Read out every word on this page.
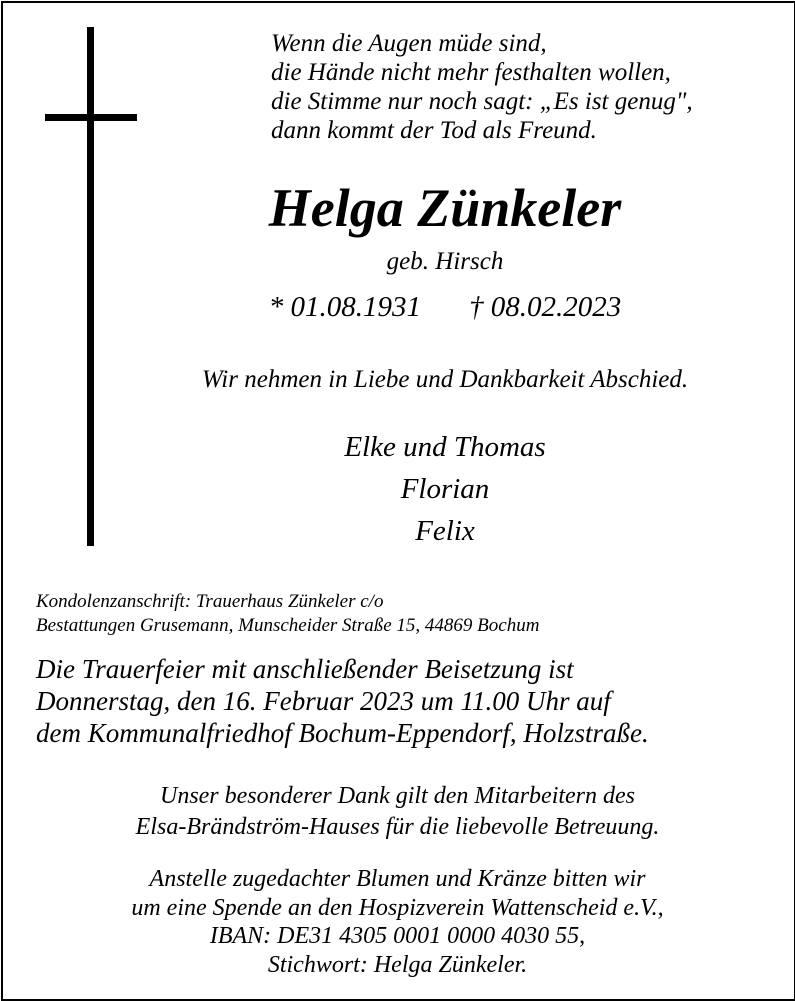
Wenn die Augen müde sind,
die Hände nicht mehr festhalten wollen,
die Stimme nur noch sagt: „Es ist genug",
dann kommt der Tod als Freund.
Helga Zünkeler
geb. Hirsch
* 01.08.1931 † 08.02.2023
Wir nehmen in Liebe und Dankbarkeit Abschied.
Elke und Thomas
Florian
Felix
Kondolenzanschrift: Trauerhaus Zünkeler c/o
Bestattungen Grusemann, Munscheider Straße 15, 44869 Bochum
Die Trauerfeier mit anschließender Beisetzung ist
Donnerstag, den 16. Februar 2023 um 11.00 Uhr auf
dem Kommunalfriedhof Bochum-Eppendorf, Holzstraße.
Unser besonderer Dank gilt den Mitarbeitern des
Elsa-Brändström-Hauses für die liebevolle Betreuung.
Anstelle zugedachter Blumen und Kränze bitten wir
um eine Spende an den Hospizverein Wattenscheid e.V.,
IBAN: DE31 4305 0001 0000 4030 55,
Stichwort: Helga Zünkeler.
